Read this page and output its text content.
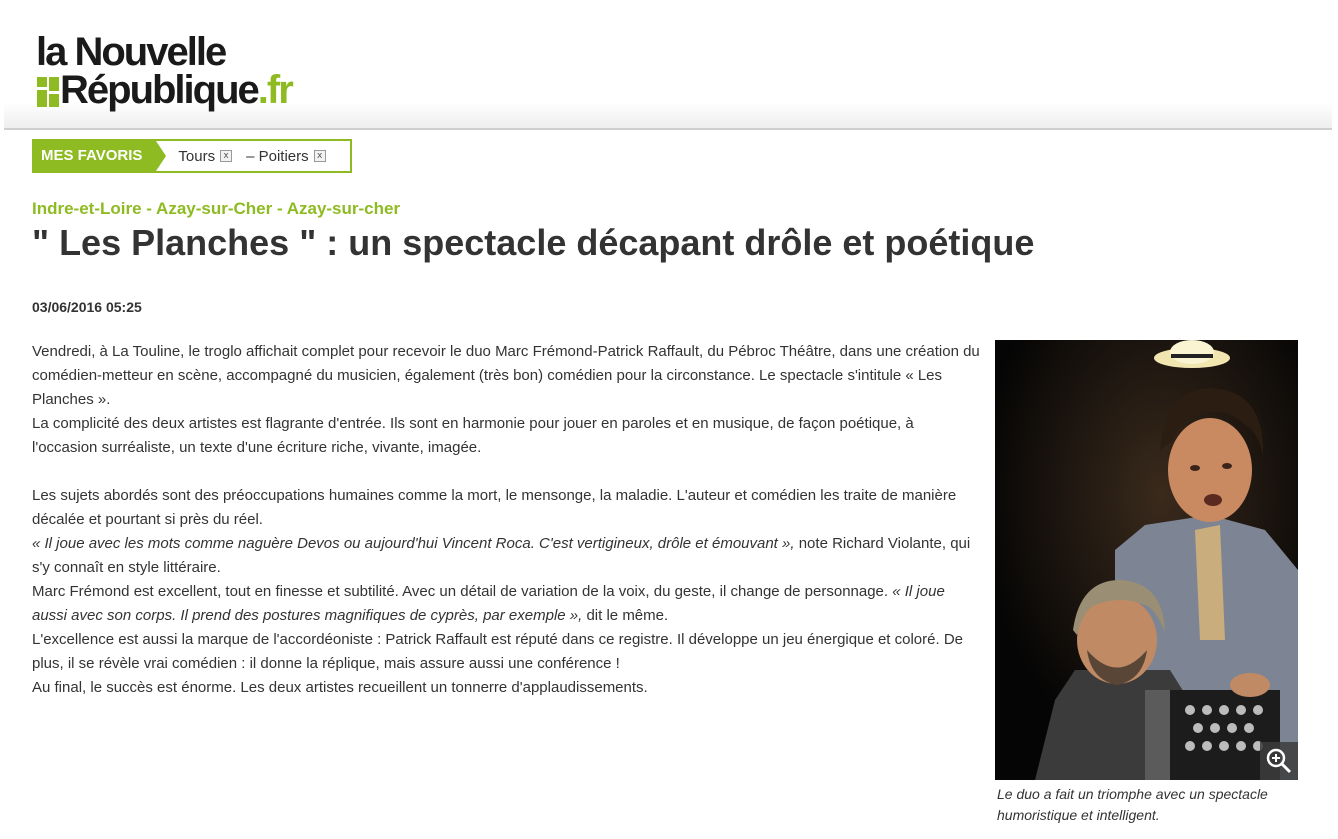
la Nouvelle
République.fr
MES FAVORIS	Tours x – Poitiers x
Indre-et-Loire - Azay-sur-Cher - Azay-sur-cher
" Les Planches " : un spectacle décapant drôle et poétique
03/06/2016 05:25

Vendredi, à La Touline, le troglo affichait complet pour recevoir le duo Marc Frémond-Patrick Raffault, du Pébroc Théâtre, dans une création du comédien-metteur en scène, accompagné du musicien, également (très bon) comédien pour la circonstance. Le spectacle s'intitule « Les Planches ».

La complicité des deux artistes est flagrante d'entrée. Ils sont en harmonie pour jouer en paroles et en musique, de façon poétique, à l'occasion surréaliste, un texte d'une écriture riche, vivante, imagée.

Les sujets abordés sont des préoccupations humaines comme la mort, le mensonge, la maladie. L'auteur et comédien les traite de manière décalée et pourtant si près du réel.

« Il joue avec les mots comme naguère Devos ou aujourd'hui Vincent Roca. C'est vertigineux, drôle et émouvant », note Richard Violante, qui s'y connaît en style littéraire.

Marc Frémond est excellent, tout en finesse et subtilité. Avec un détail de variation de la voix, du geste, il change de personnage. « Il joue aussi avec son corps. Il prend des postures magnifiques de cyprès, par exemple », dit le même.

L'excellence est aussi la marque de l'accordéoniste : Patrick Raffault est réputé dans ce registre. Il développe un jeu énergique et coloré. De plus, il se révèle vrai comédien : il donne la réplique, mais assure aussi une conférence !

Au final, le succès est énorme. Les deux artistes recueillent un tonnerre d'applaudissements.

Le duo a fait un triomphe avec un spectacle humoristique et intelligent.
